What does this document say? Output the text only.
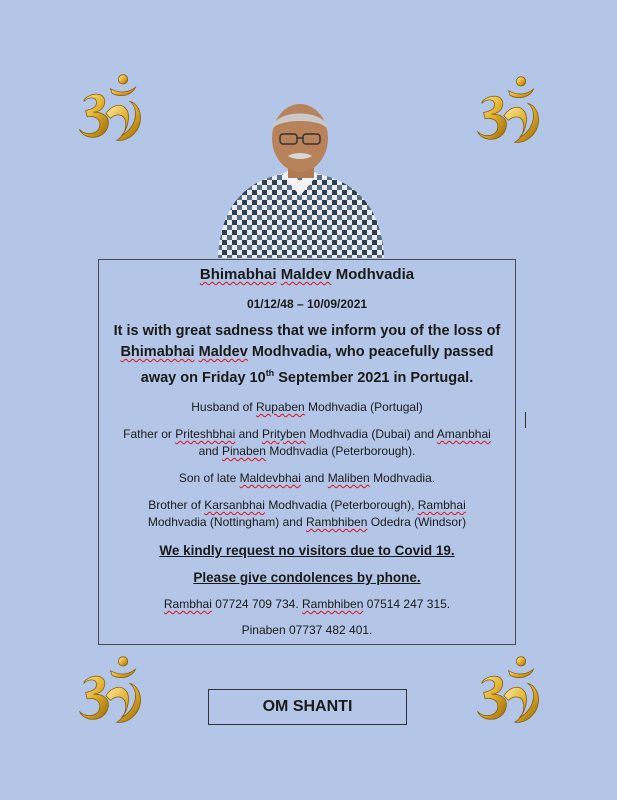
Bhimabhai Maldev Modhvadia
01/12/48 – 10/09/2021
It is with great sadness that we inform you of the loss of
Bhimabhai Maldev Modhvadia, who peacefully passed
away on Friday 10th September 2021 in Portugal.
Husband of Rupaben Modhvadia (Portugal)
Father or Priteshbhai and Prityben Modhvadia (Dubai) and Amanbhai
and Pinaben Modhvadia (Peterborough).
Son of late Maldevbhai and Maliben Modhvadia.
Brother of Karsanbhai Modhvadia (Peterborough), Rambhai
Modhvadia (Nottingham) and Rambhiben Odedra (Windsor)
We kindly request no visitors due to Covid 19.
Please give condolences by phone.
Rambhai 07724 709 734. Rambhiben 07514 247 315.
Pinaben 07737 482 401.
OM SHANTI
